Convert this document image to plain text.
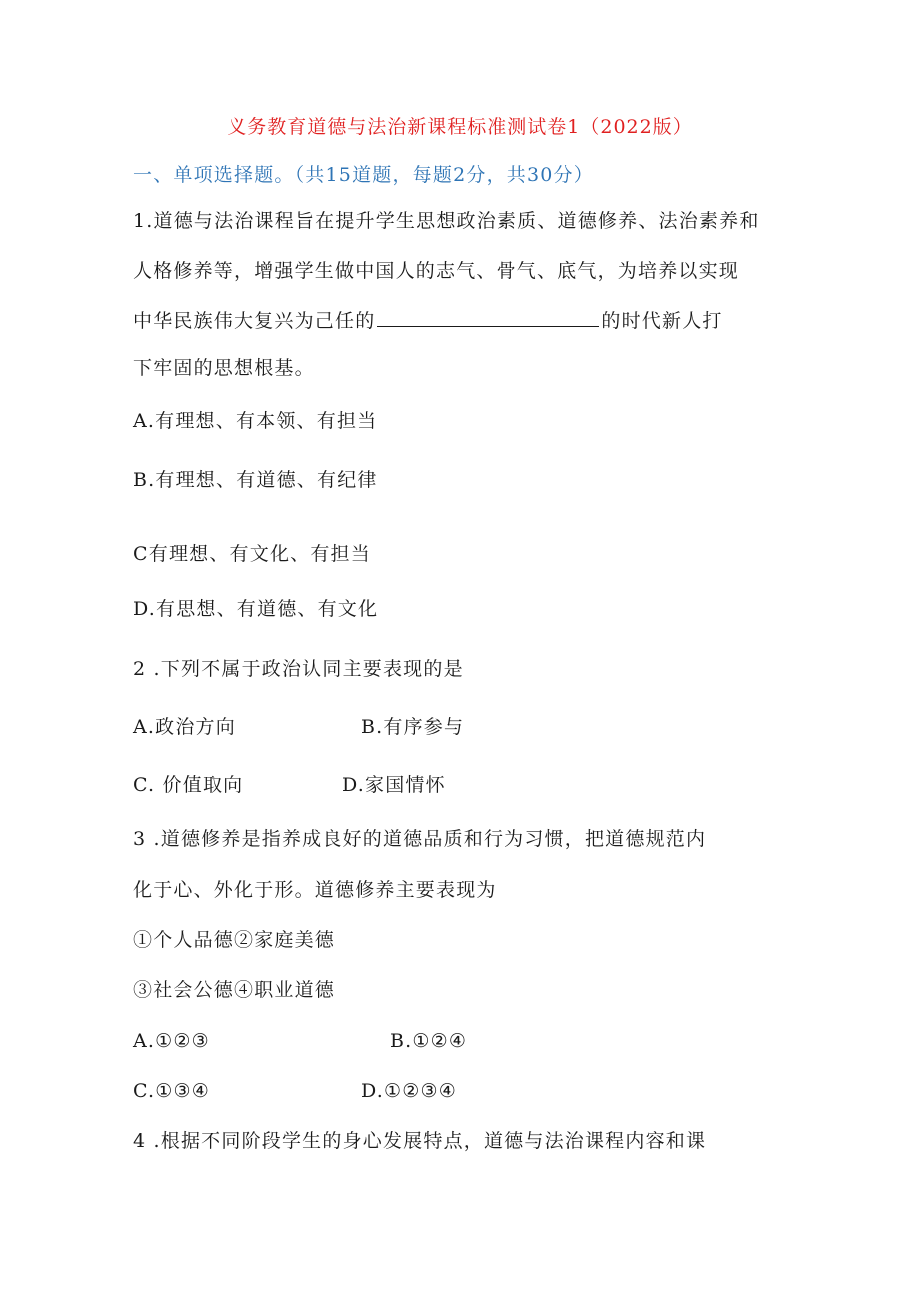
义务教育道德与法治新课程标准测试卷1（2022版）
一、单项选择题。（共15道题，每题2分，共30分）
1.道德与法治课程旨在提升学生思想政治素质、道德修养、法治素养和
人格修养等，增强学生做中国人的志气、骨气、底气，为培养以实现
中华民族伟大复兴为己任的	的时代新人打
下牢固的思想根基。
A.有理想、有本领、有担当
B.有理想、有道德、有纪律
C有理想、有文化、有担当
D.有思想、有道德、有文化
2 .下列不属于政治认同主要表现的是
A.政治方向	B.有序参与
C. 价值取向	D.家国情怀
3 .道德修养是指养成良好的道德品质和行为习惯，把道德规范内
化于心、外化于形。道德修养主要表现为
①个人品德②家庭美德
③社会公德④职业道德
A.①②③	B.①②④
C.①③④	D.①②③④
4 .根据不同阶段学生的身心发展特点，道德与法治课程内容和课
